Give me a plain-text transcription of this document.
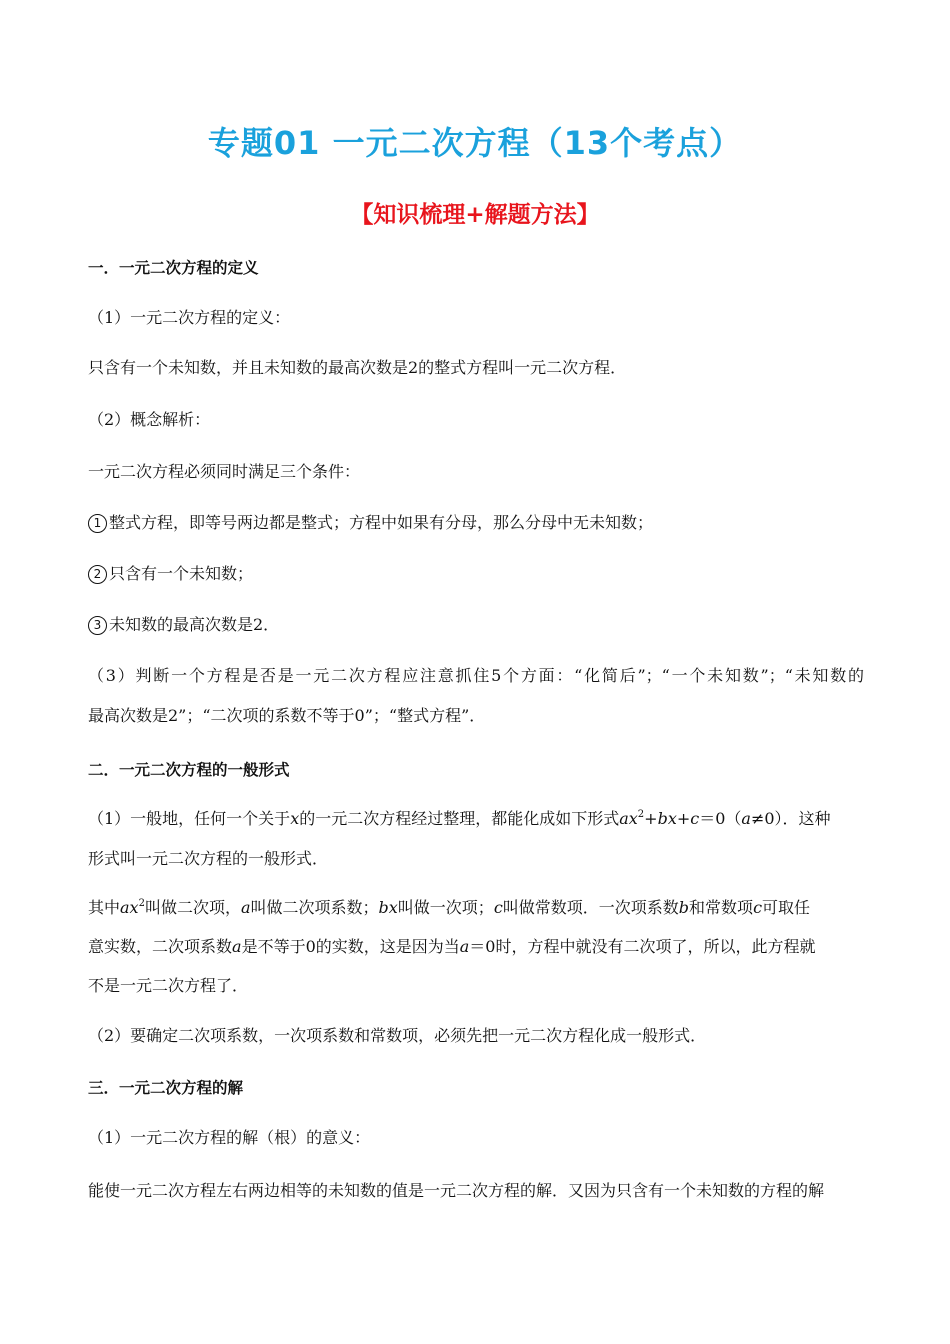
专题01 一元二次方程（13个考点）
【知识梳理+解题方法】
一．一元二次方程的定义
（1）一元二次方程的定义：
只含有一个未知数，并且未知数的最高次数是2的整式方程叫一元二次方程．
（2）概念解析：
一元二次方程必须同时满足三个条件：
1 整式方程，即等号两边都是整式；方程中如果有分母，那么分母中无未知数；
2 只含有一个未知数；
3 未知数的最高次数是2．
（3）判断一个方程是否是一元二次方程应注意抓住5个方面：“化简后”；“一个未知数”；“未知数的
最高次数是2”；“二次项的系数不等于0”；“整式方程”．
二．一元二次方程的一般形式
（1）一般地，任何一个关于x的一元二次方程经过整理，都能化成如下形式$ax^2+bx+c=0(a\ne 0)$．这种
形式叫一元二次方程的一般形式．
其中$ax^2$叫做二次项，a叫做二次项系数；bx叫做一次项；c叫做常数项．一次项系数b和常数项c可取任
意实数，二次项系数a是不等于0的实数，这是因为当a＝0时，方程中就没有二次项了，所以，此方程就
不是一元二次方程了．
（2）要确定二次项系数，一次项系数和常数项，必须先把一元二次方程化成一般形式．
三．一元二次方程的解
（1）一元二次方程的解（根）的意义：
能使一元二次方程左右两边相等的未知数的值是一元二次方程的解．又因为只含有一个未知数的方程的解
